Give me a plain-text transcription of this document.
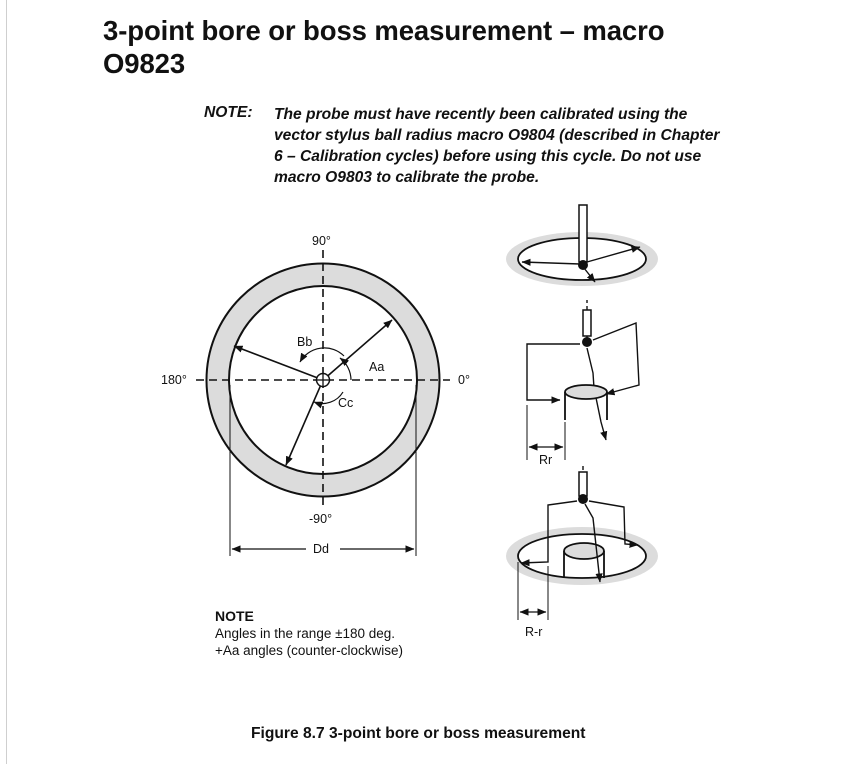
3-point bore or boss measurement – macro
O9823
NOTE: The probe must have recently been calibrated using the
vector stylus ball radius macro O9804 (described in Chapter
6 – Calibration cycles) before using this cycle. Do not use
macro O9803 to calibrate the probe.
90°
180°	0°
-90°
Bb
Aa
Cc
Dd
Rr
R-r
NOTE
Angles in the range ±180 deg.
+Aa angles (counter-clockwise)
Figure 8.7 3-point bore or boss measurement
